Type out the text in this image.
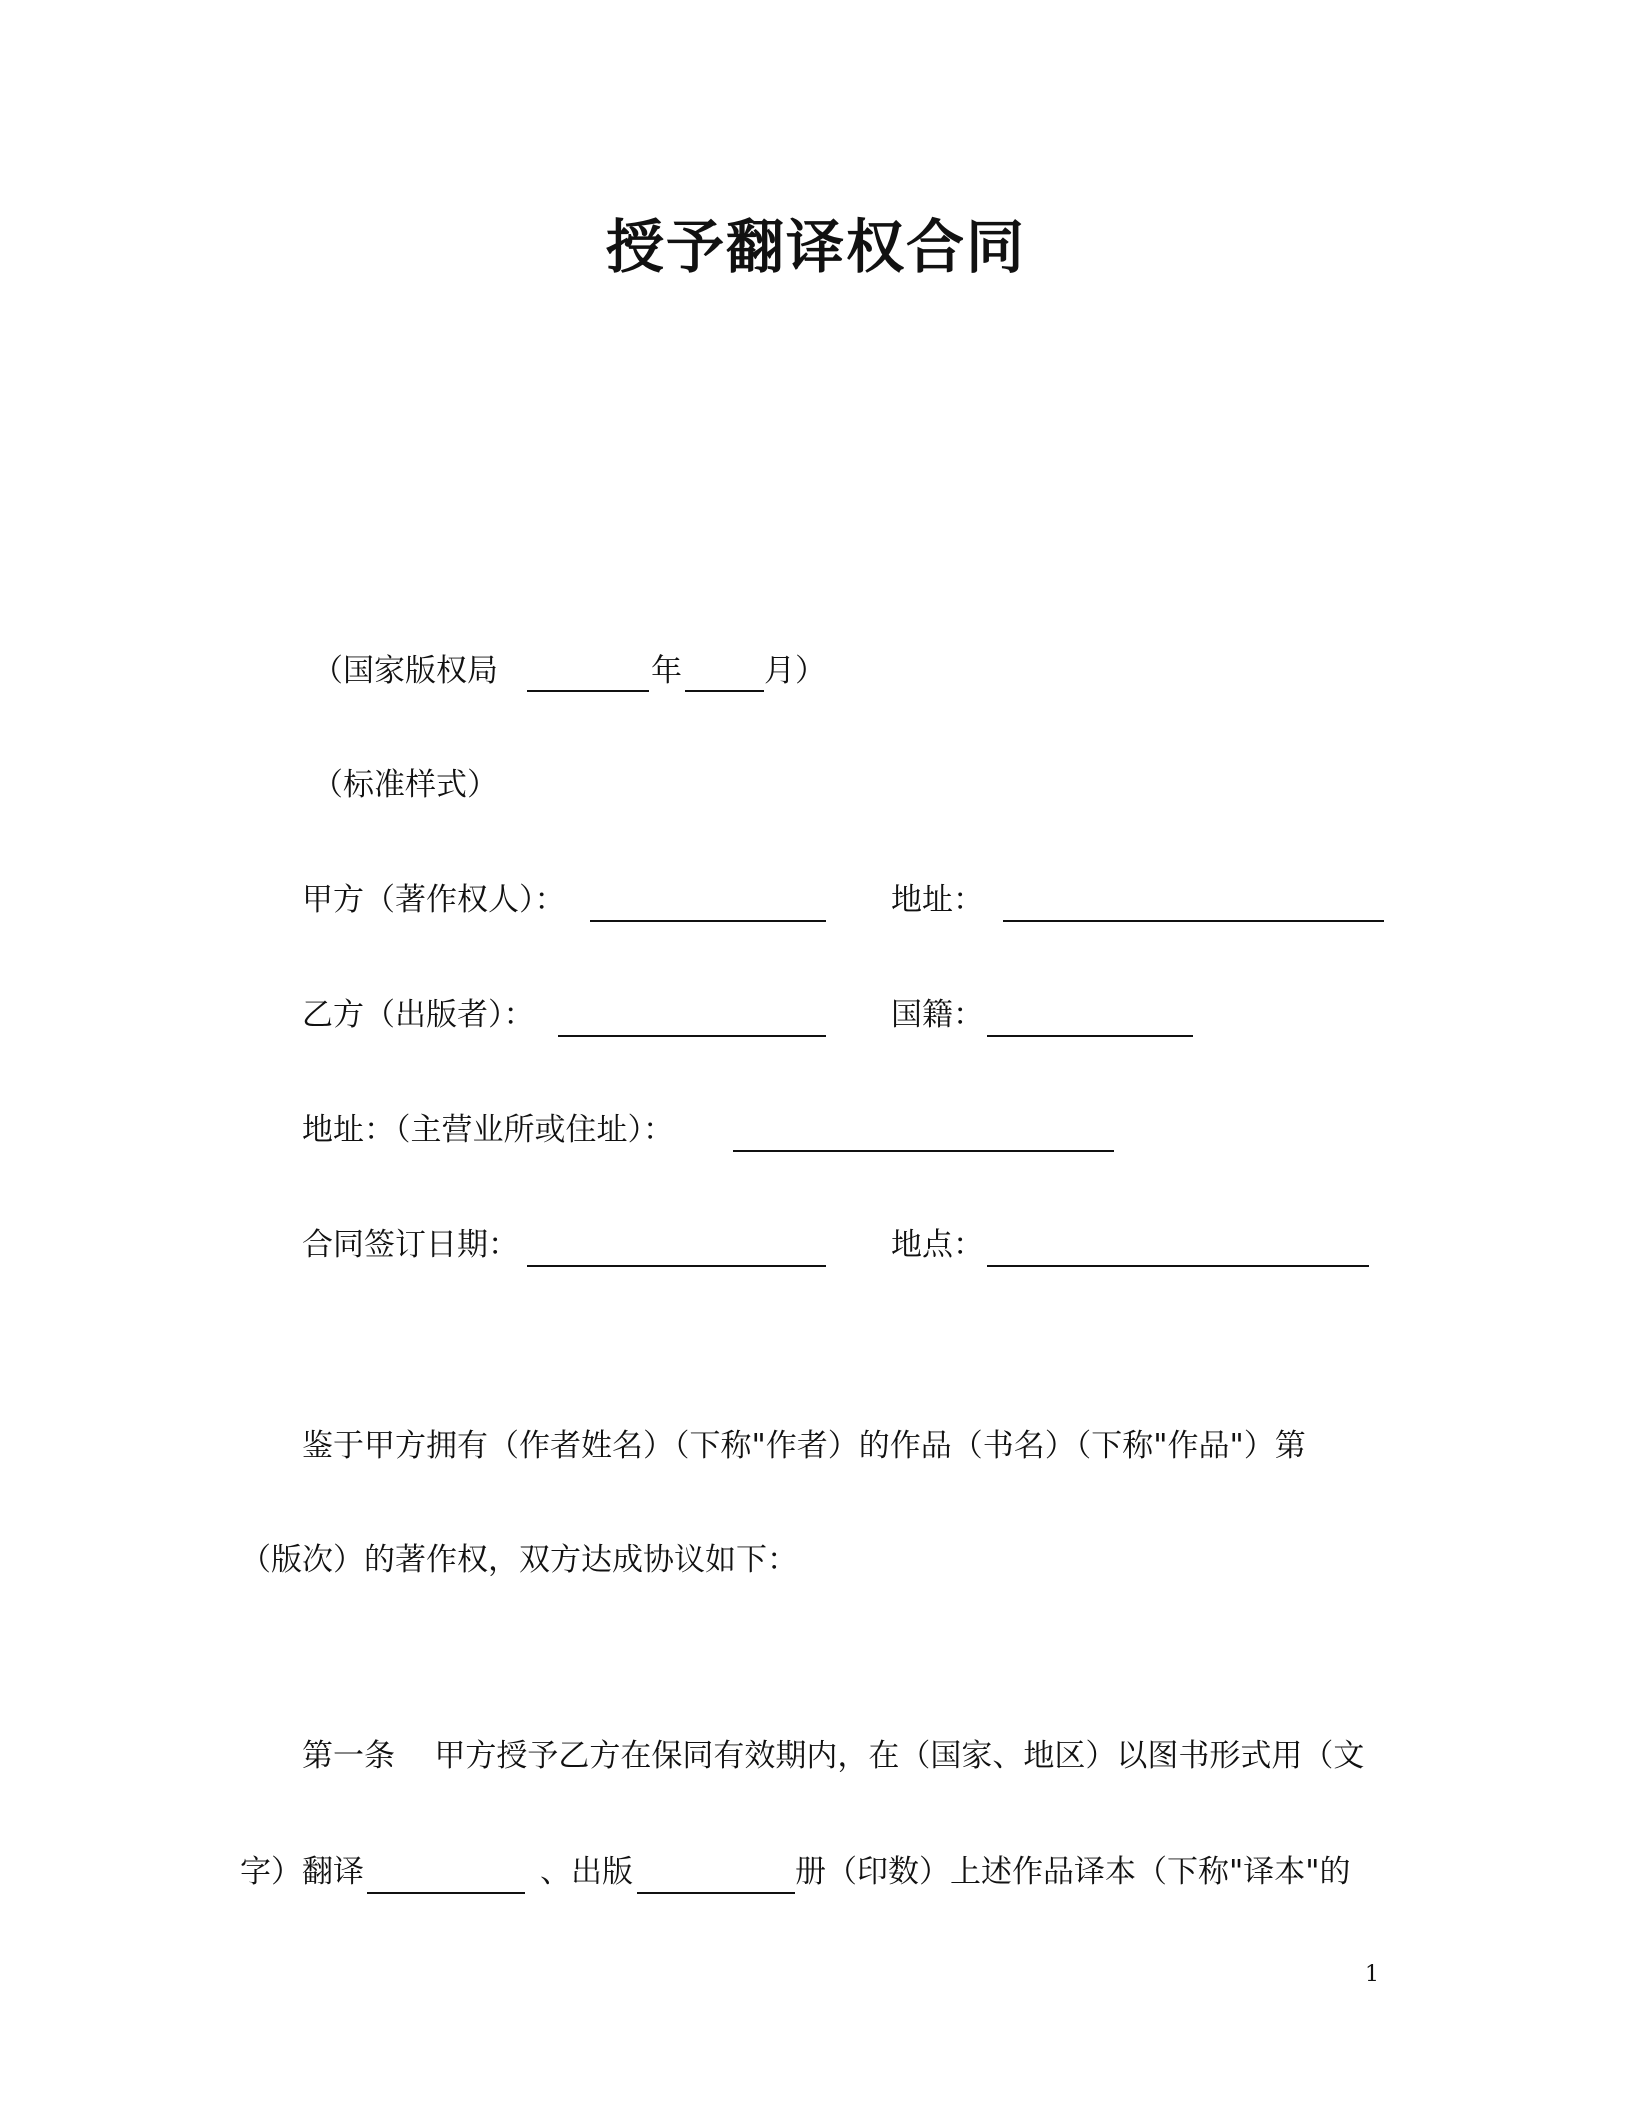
授予翻译权合同
（国家版权局	年	月）
（标准样式）
甲方（著作权人）：	地址：
乙方（出版者）：	国籍：
地址：（主营业所或住址）：
合同签订日期：	地点：
鉴于甲方拥有（作者姓名）（下称"作者）的作品（书名）（下称"作品"）第
（版次）的著作权，双方达成协议如下：
第一条    甲方授予乙方在保同有效期内，在（国家、地区）以图书形式用（文
字）翻译	、出版	册（印数）上述作品译本（下称"译本"的
1
